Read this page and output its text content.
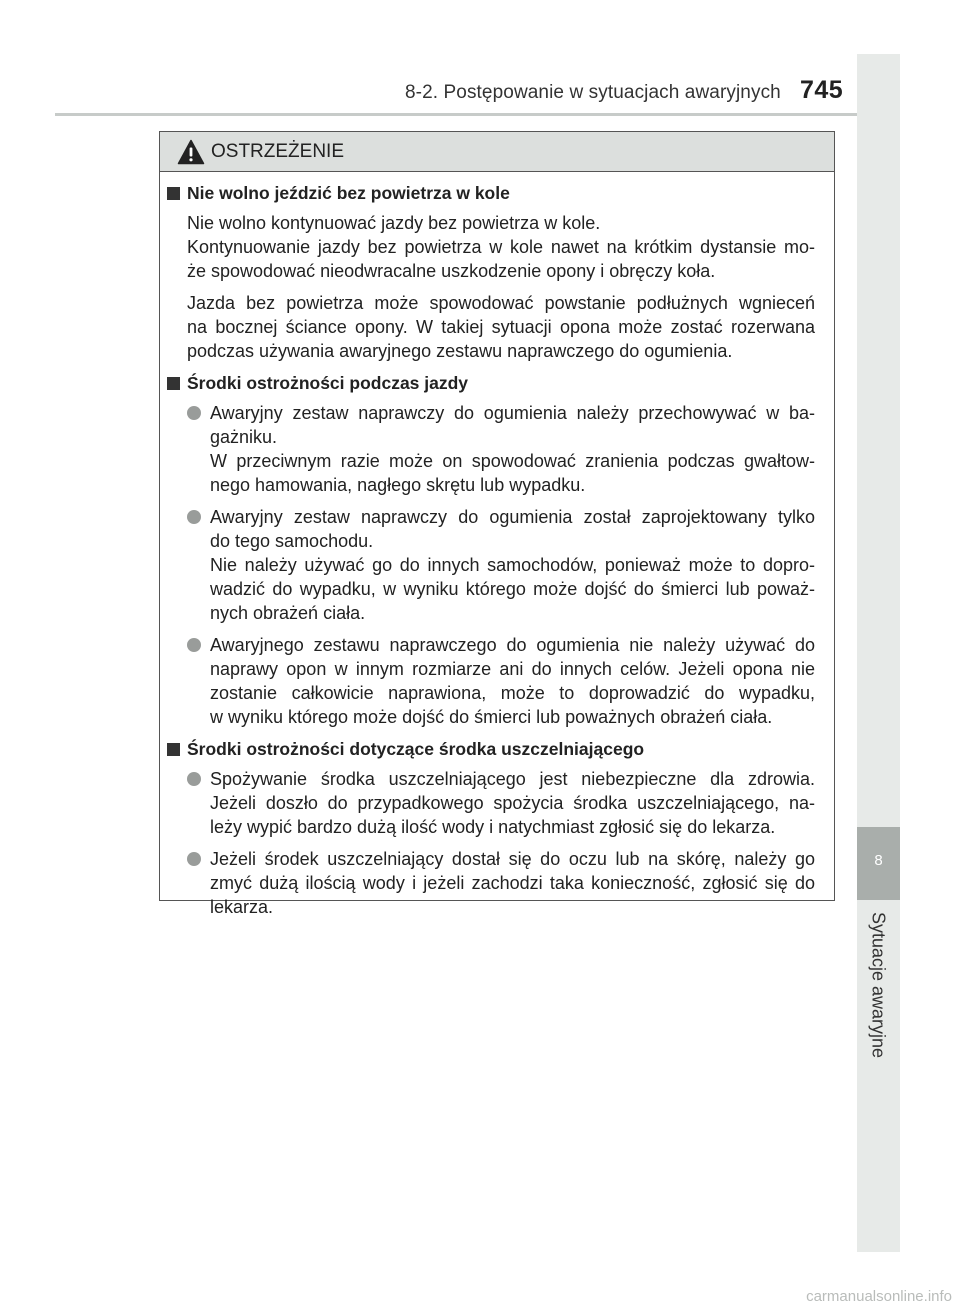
8-2. Postępowanie w sytuacjach awaryjnych 745
8
Sytuacje awaryjne
OSTRZEŻENIE
Nie wolno jeździć bez powietrza w kole
Nie wolno kontynuować jazdy bez powietrza w kole.
Kontynuowanie jazdy bez powietrza w kole nawet na krótkim dystansie mo-
że spowodować nieodwracalne uszkodzenie opony i obręczy koła.
Jazda bez powietrza może spowodować powstanie podłużnych wgnieceń
na bocznej ściance opony. W takiej sytuacji opona może zostać rozerwana
podczas używania awaryjnego zestawu naprawczego do ogumienia.
Środki ostrożności podczas jazdy
Awaryjny zestaw naprawczy do ogumienia należy przechowywać w ba-
gażniku.
W przeciwnym razie może on spowodować zranienia podczas gwałtow-
nego hamowania, nagłego skrętu lub wypadku.
Awaryjny zestaw naprawczy do ogumienia został zaprojektowany tylko
do tego samochodu.
Nie należy używać go do innych samochodów, ponieważ może to dopro-
wadzić do wypadku, w wyniku którego może dojść do śmierci lub poważ-
nych obrażeń ciała.
Awaryjnego zestawu naprawczego do ogumienia nie należy używać do
naprawy opon w innym rozmiarze ani do innych celów. Jeżeli opona nie
zostanie całkowicie naprawiona, może to doprowadzić do wypadku,
w wyniku którego może dojść do śmierci lub poważnych obrażeń ciała.
Środki ostrożności dotyczące środka uszczelniającego
Spożywanie środka uszczelniającego jest niebezpieczne dla zdrowia.
Jeżeli doszło do przypadkowego spożycia środka uszczelniającego, na-
leży wypić bardzo dużą ilość wody i natychmiast zgłosić się do lekarza.
Jeżeli środek uszczelniający dostał się do oczu lub na skórę, należy go
zmyć dużą ilością wody i jeżeli zachodzi taka konieczność, zgłosić się do
lekarza.
carmanualsonline.info
